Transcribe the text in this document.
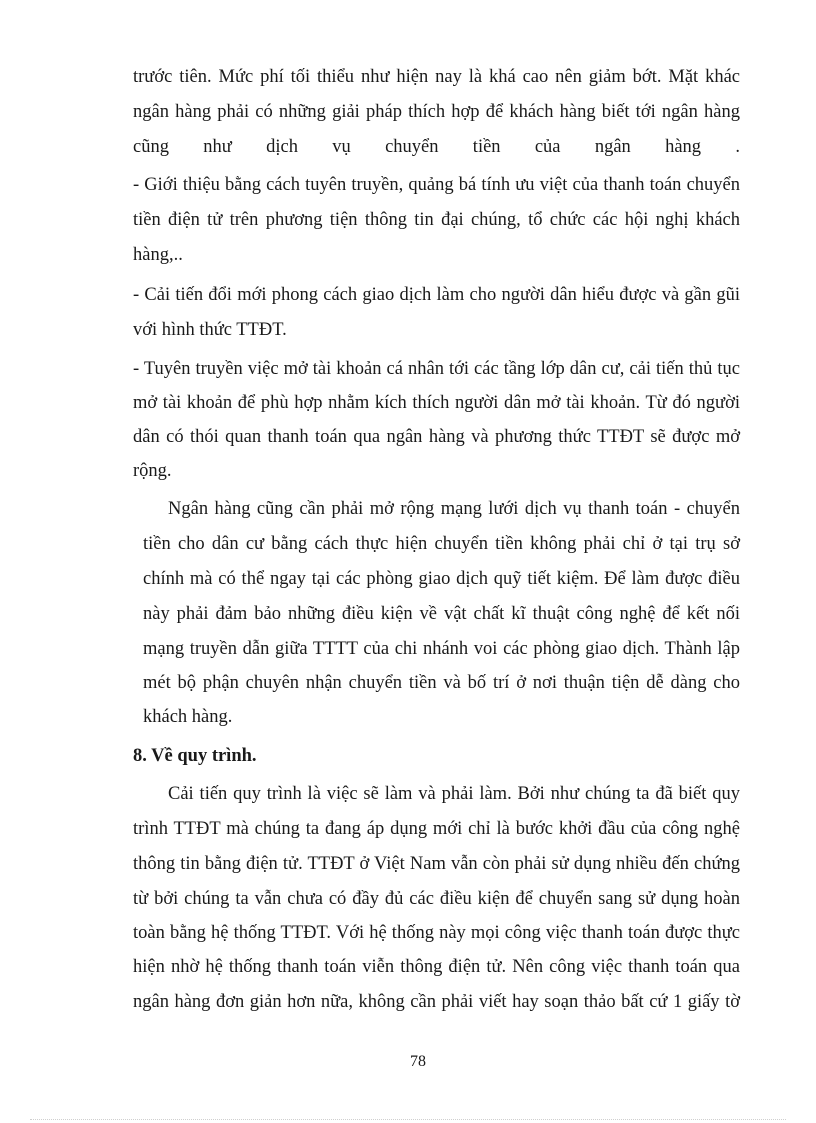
trước tiên. Mức phí tối thiểu như hiện nay là khá cao nên giảm bớt. Mặt khác
ngân hàng phải có những giải pháp thích hợp để khách hàng biết tới ngân hàng
cũng như dịch vụ chuyển tiền của ngân hàng .
- Giới thiệu bằng cách tuyên truyền, quảng bá tính ưu việt của thanh toán chuyển
tiền điện tử trên phương tiện thông tin đại chúng, tổ chức các hội nghị khách
hàng,..
- Cải tiến đổi mới phong cách giao dịch làm cho người dân hiểu được và gần gũi
với hình thức TTĐT.
- Tuyên truyền việc mở tài khoản cá nhân tới các tầng lớp dân cư, cải tiến thủ tục
mở tài khoản để phù hợp nhằm kích thích người dân mở tài khoản. Từ đó người
dân có thói quan thanh toán qua ngân hàng và phương thức TTĐT sẽ được mở
rộng.
Ngân hàng cũng cần phải mở rộng mạng lưới dịch vụ thanh toán - chuyển
tiền cho dân cư bằng cách thực hiện chuyển tiền không phải chỉ ở tại trụ sở
chính mà có thể ngay tại các phòng giao dịch quỹ tiết kiệm. Để làm được điều
này phải đảm bảo những điều kiện về vật chất kĩ thuật công nghệ để kết nối
mạng truyền dẫn giữa TTTT của chi nhánh voi các phòng giao dịch. Thành lập
mét bộ phận chuyên nhận chuyển tiền và bố trí ở nơi thuận tiện dễ dàng cho
khách hàng.
8. Về quy trình.
Cải tiến quy trình là việc sẽ làm và phải làm. Bởi như chúng ta đã biết quy
trình TTĐT mà chúng ta đang áp dụng mới chỉ là bước khởi đầu của công nghệ
thông tin bằng điện tử. TTĐT ở Việt Nam vẫn còn phải sử dụng nhiều đến chứng
từ bởi chúng ta vẫn chưa có đầy đủ các điều kiện để chuyển sang sử dụng hoàn
toàn bằng hệ thống TTĐT. Với hệ thống này mọi công việc thanh toán được thực
hiện nhờ hệ thống thanh toán viễn thông điện tử. Nên công việc thanh toán qua
ngân hàng đơn giản hơn nữa, không cần phải viết hay soạn thảo bất cứ 1 giấy tờ
78
